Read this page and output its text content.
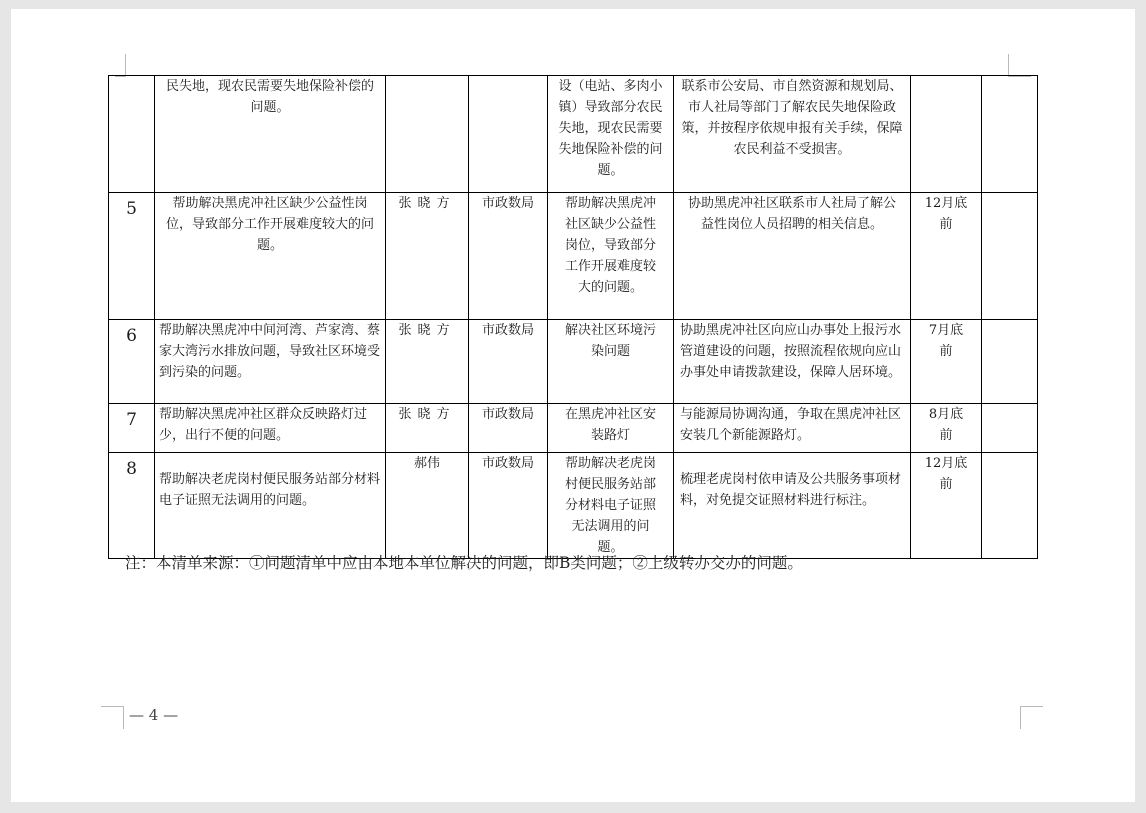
	民失地，现农民需要失地保险补偿的问题。			设（电站、多肉小镇）导致部分农民失地，现农民需要失地保险补偿的问题。	联系市公安局、市自然资源和规划局、市人社局等部门了解农民失地保险政策，并按程序依规申报有关手续，保障农民利益不受损害。		
5	帮助解决黑虎冲社区缺少公益性岗位，导致部分工作开展难度较大的问题。	张晓方	市政数局	帮助解决黑虎冲社区缺少公益性岗位，导致部分工作开展难度较大的问题。	协助黑虎冲社区联系市人社局了解公益性岗位人员招聘的相关信息。	12月底前	
6	帮助解决黑虎冲中间河湾、芦家湾、蔡家大湾污水排放问题，导致社区环境受到污染的问题。	张晓方	市政数局	解决社区环境污染问题	协助黑虎冲社区向应山办事处上报污水管道建设的问题，按照流程依规向应山办事处申请拨款建设，保障人居环境。	7月底前	
7	帮助解决黑虎冲社区群众反映路灯过少，出行不便的问题。	张晓方	市政数局	在黑虎冲社区安装路灯	与能源局协调沟通，争取在黑虎冲社区安装几个新能源路灯。	8月底前	
8	帮助解决老虎岗村便民服务站部分材料电子证照无法调用的问题。	郝伟	市政数局	帮助解决老虎岗村便民服务站部分材料电子证照无法调用的问题。	梳理老虎岗村依申请及公共服务事项材料，对免提交证照材料进行标注。	12月底前	
注：本清单来源：①问题清单中应由本地本单位解决的问题，即B类问题；②上级转办交办的问题。
— 4 —
